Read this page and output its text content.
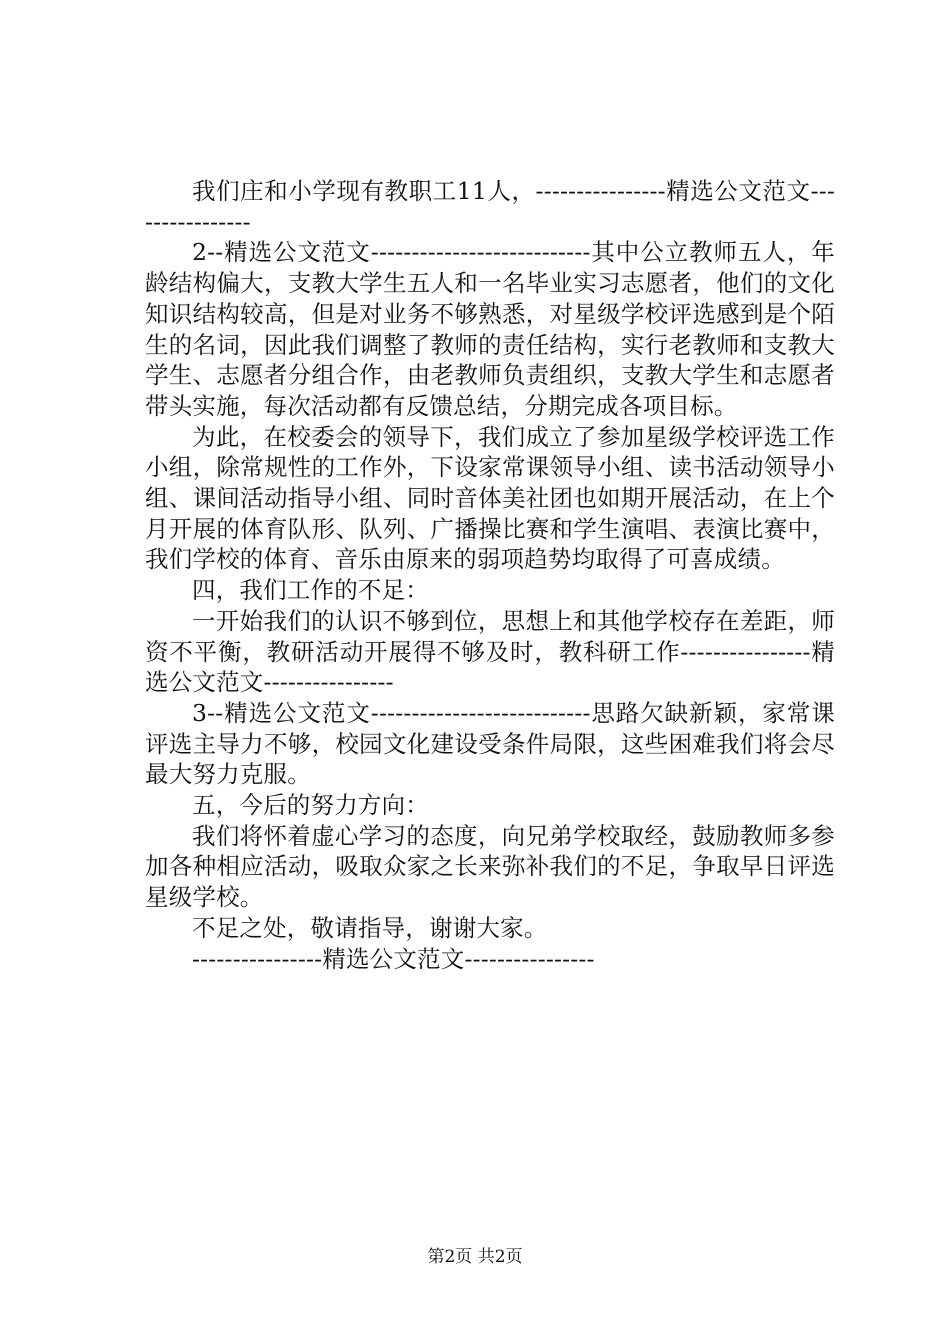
我们庄和小学现有教职工11人，----------------精选公文范文----------------

2--精选公文范文---------------------------其中公立教师五人，年龄结构偏大，支教大学生五人和一名毕业实习志愿者，他们的文化知识结构较高，但是对业务不够熟悉，对星级学校评选感到是个陌生的名词，因此我们调整了教师的责任结构，实行老教师和支教大学生、志愿者分组合作，由老教师负责组织，支教大学生和志愿者带头实施，每次活动都有反馈总结，分期完成各项目标。

为此，在校委会的领导下，我们成立了参加星级学校评选工作小组，除常规性的工作外，下设家常课领导小组、读书活动领导小组、课间活动指导小组、同时音体美社团也如期开展活动，在上个月开展的体育队形、队列、广播操比赛和学生演唱、表演比赛中，我们学校的体育、音乐由原来的弱项趋势均取得了可喜成绩。

四，我们工作的不足：

一开始我们的认识不够到位，思想上和其他学校存在差距，师资不平衡，教研活动开展得不够及时，教科研工作----------------精选公文范文----------------

3--精选公文范文---------------------------思路欠缺新颖，家常课评选主导力不够，校园文化建设受条件局限，这些困难我们将会尽最大努力克服。

五，今后的努力方向：

我们将怀着虚心学习的态度，向兄弟学校取经，鼓励教师多参加各种相应活动，吸取众家之长来弥补我们的不足，争取早日评选星级学校。

不足之处，敬请指导，谢谢大家。

----------------精选公文范文----------------

第2页 共2页
